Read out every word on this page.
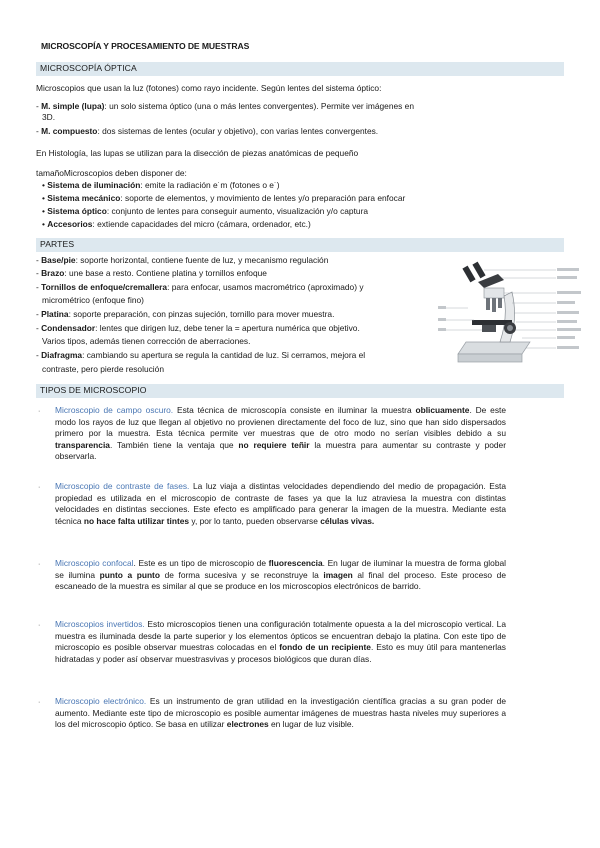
MICROSCOPÍA Y PROCESAMIENTO DE MUESTRAS
MICROSCOPÍA ÓPTICA
Microscopios que usan la luz (fotones) como rayo incidente. Según lentes del sistema óptico:
- M. simple (lupa): un solo sistema óptico (una o más lentes convergentes). Permite ver imágenes en
3D.
- M. compuesto: dos sistemas de lentes (ocular y objetivo), con varias lentes convergentes.
En Histología, las lupas se utilizan para la disección de piezas anatómicas de pequeño
tamañoMicroscopios deben disponer de:
• Sistema de iluminación: emite la radiación e˙m (fotones o e˙)
• Sistema mecánico: soporte de elementos, y movimiento de lentes y/o preparación para enfocar
• Sistema óptico: conjunto de lentes para conseguir aumento, visualización y/o captura
• Accesorios: extiende capacidades del micro (cámara, ordenador, etc.)
PARTES
- Base/pie: soporte horizontal, contiene fuente de luz, y mecanismo regulación
- Brazo: une base a resto. Contiene platina y tornillos enfoque
- Tornillos de enfoque/cremallera: para enfocar, usamos macrométrico (aproximado) y
micrométrico (enfoque fino)
- Platina: soporte preparación, con pinzas sujeción, tornillo para mover muestra.
- Condensador: lentes que dirigen luz, debe tener la = apertura numérica que objetivo.
Varios tipos, además tienen corrección de aberraciones.
- Diafragma: cambiando su apertura se regula la cantidad de luz. Si cerramos, mejora el
contraste, pero pierde resolución
TIPOS DE MICROSCOPIO
· Microscopio de campo oscuro. Esta técnica de microscopía consiste en iluminar la muestra oblicuamente. De este modo los rayos de luz que llegan al objetivo no provienen directamente del foco de luz, sino que han sido dispersados primero por la muestra. Esta técnica permite ver muestras que de otro modo no serían visibles debido a su transparencia. También tiene la ventaja que no requiere teñir la muestra para aumentar su contraste y poder observarla.

· Microscopio de contraste de fases. La luz viaja a distintas velocidades dependiendo del medio de propagación. Esta propiedad es utilizada en el microscopio de contraste de fases ya que la luz atraviesa la muestra con distintas velocidades en distintas secciones. Este efecto es amplificado para generar la imagen de la muestra. Mediante esta técnica no hace falta utilizar tintes y, por lo tanto, pueden observarse células vivas.

· Microscopio confocal. Este es un tipo de microscopio de fluorescencia. En lugar de iluminar la muestra de forma global se ilumina punto a punto de forma sucesiva y se reconstruye la imagen al final del proceso. Este proceso de escaneado de la muestra es similar al que se produce en los microscopios electrónicos de barrido.

· Microscopios invertidos. Esto microscopios tienen una configuración totalmente opuesta a la del microscopio vertical. La muestra es iluminada desde la parte superior y los elementos ópticos se encuentran debajo la platina. Con este tipo de microscopio es posible observar muestras colocadas en el fondo de un recipiente. Esto es muy útil para mantenerlas hidratadas y poder así observar muestrasvivas y procesos biológicos que duran días.

· Microscopio electrónico. Es un instrumento de gran utilidad en la investigación científica gracias a su gran poder de aumento. Mediante este tipo de microscopio es posible aumentar imágenes de muestras hasta niveles muy superiores a los del microscopio óptico. Se basa en utilizar electrones en lugar de luz visible.
